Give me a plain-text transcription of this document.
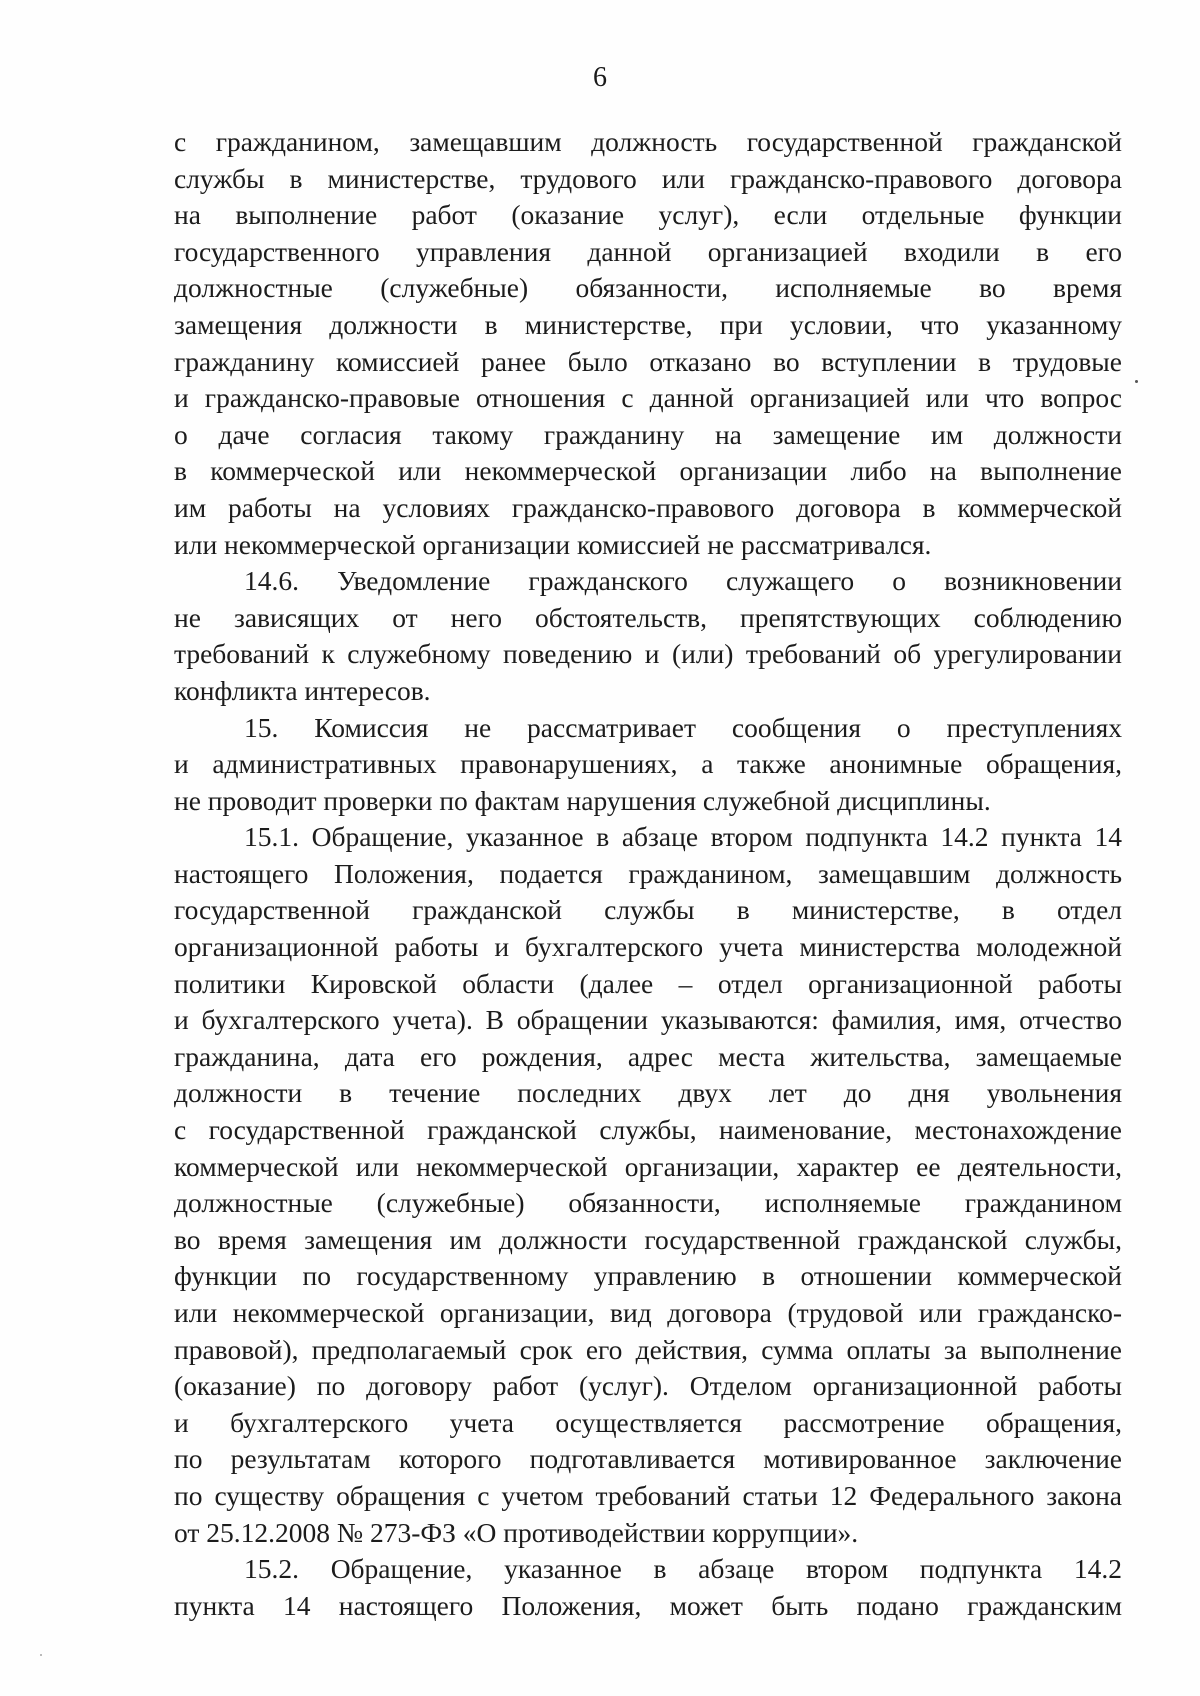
6
с гражданином, замещавшим должность государственной гражданской
службы в министерстве, трудового или гражданско-правового договора
на выполнение работ (оказание услуг), если отдельные функции
государственного управления данной организацией входили в его
должностные (служебные) обязанности, исполняемые во время
замещения должности в министерстве, при условии, что указанному
гражданину комиссией ранее было отказано во вступлении в трудовые
и гражданско-правовые отношения с данной организацией или что вопрос
о даче согласия такому гражданину на замещение им должности
в коммерческой или некоммерческой организации либо на выполнение
им работы на условиях гражданско-правового договора в коммерческой
или некоммерческой организации комиссией не рассматривался.
14.6. Уведомление гражданского служащего о возникновении
не зависящих от него обстоятельств, препятствующих соблюдению
требований к служебному поведению и (или) требований об урегулировании
конфликта интересов.
15. Комиссия не рассматривает сообщения о преступлениях
и административных правонарушениях, а также анонимные обращения,
не проводит проверки по фактам нарушения служебной дисциплины.
15.1. Обращение, указанное в абзаце втором подпункта 14.2 пункта 14
настоящего Положения, подается гражданином, замещавшим должность
государственной гражданской службы в министерстве, в отдел
организационной работы и бухгалтерского учета министерства молодежной
политики Кировской области (далее – отдел организационной работы
и бухгалтерского учета). В обращении указываются: фамилия, имя, отчество
гражданина, дата его рождения, адрес места жительства, замещаемые
должности в течение последних двух лет до дня увольнения
с государственной гражданской службы, наименование, местонахождение
коммерческой или некоммерческой организации, характер ее деятельности,
должностные (служебные) обязанности, исполняемые гражданином
во время замещения им должности государственной гражданской службы,
функции по государственному управлению в отношении коммерческой
или некоммерческой организации, вид договора (трудовой или гражданско-
правовой), предполагаемый срок его действия, сумма оплаты за выполнение
(оказание) по договору работ (услуг). Отделом организационной работы
и бухгалтерского учета осуществляется рассмотрение обращения,
по результатам которого подготавливается мотивированное заключение
по существу обращения с учетом требований статьи 12 Федерального закона
от 25.12.2008 № 273-ФЗ «О противодействии коррупции».
15.2. Обращение, указанное в абзаце втором подпункта 14.2
пункта 14 настоящего Положения, может быть подано гражданским
